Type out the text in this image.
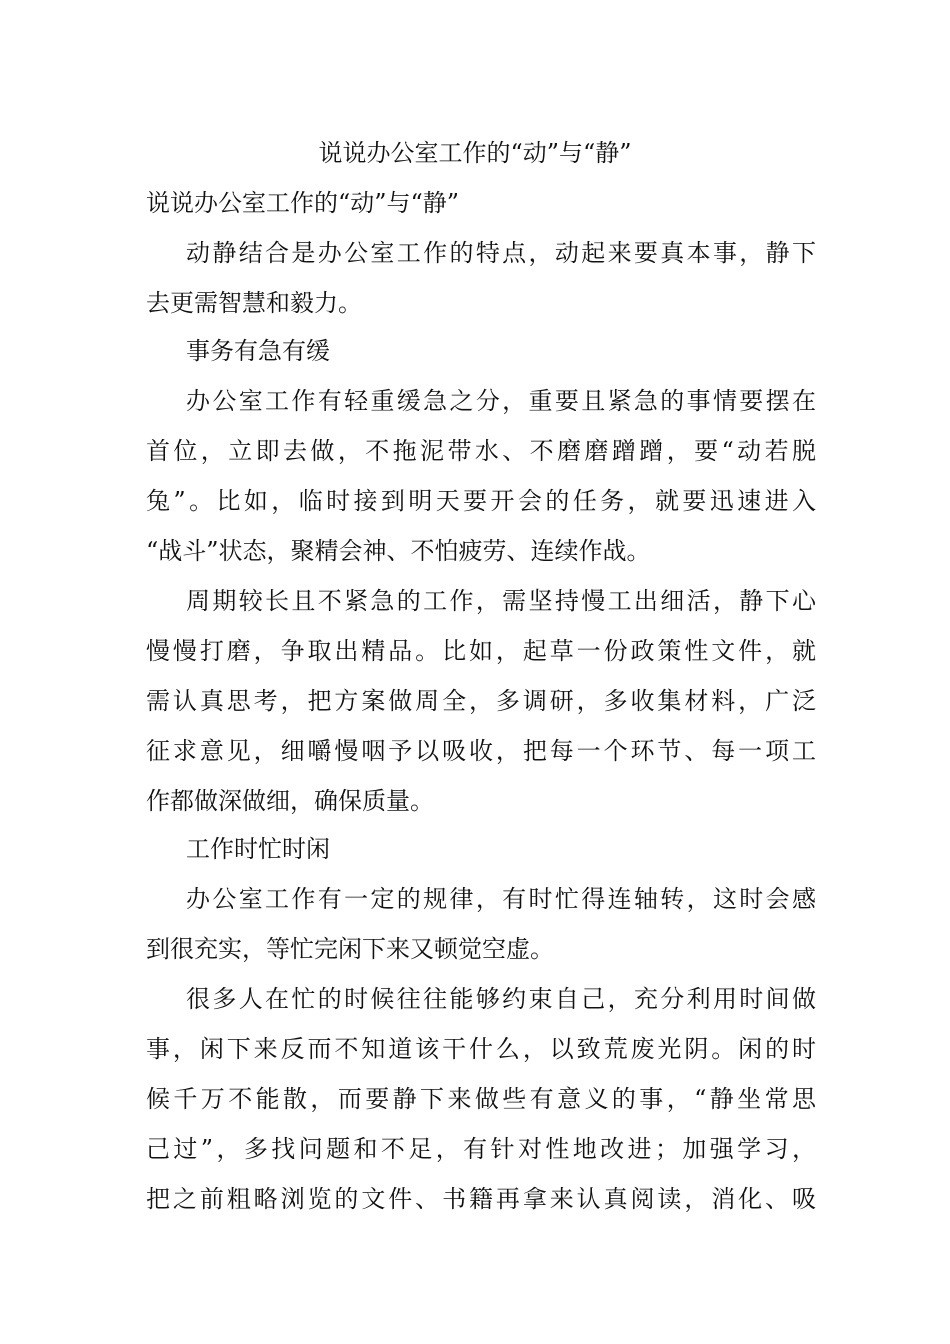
说说办公室工作的“动”与“静”
说说办公室工作的“动”与“静”
动静结合是办公室工作的特点，动起来要真本事，静下
去更需智慧和毅力。
事务有急有缓
办公室工作有轻重缓急之分，重要且紧急的事情要摆在
首位，立即去做，不拖泥带水、不磨磨蹭蹭，要“动若脱
兔”。比如，临时接到明天要开会的任务，就要迅速进入
“战斗”状态，聚精会神、不怕疲劳、连续作战。
周期较长且不紧急的工作，需坚持慢工出细活，静下心
慢慢打磨，争取出精品。比如，起草一份政策性文件，就
需认真思考，把方案做周全，多调研，多收集材料，广泛
征求意见，细嚼慢咽予以吸收，把每一个环节、每一项工
作都做深做细，确保质量。
工作时忙时闲
办公室工作有一定的规律，有时忙得连轴转，这时会感
到很充实，等忙完闲下来又顿觉空虚。
很多人在忙的时候往往能够约束自己，充分利用时间做
事，闲下来反而不知道该干什么，以致荒废光阴。闲的时
候千万不能散，而要静下来做些有意义的事，“静坐常思
己过”，多找问题和不足，有针对性地改进；加强学习，
把之前粗略浏览的文件、书籍再拿来认真阅读，消化、吸
